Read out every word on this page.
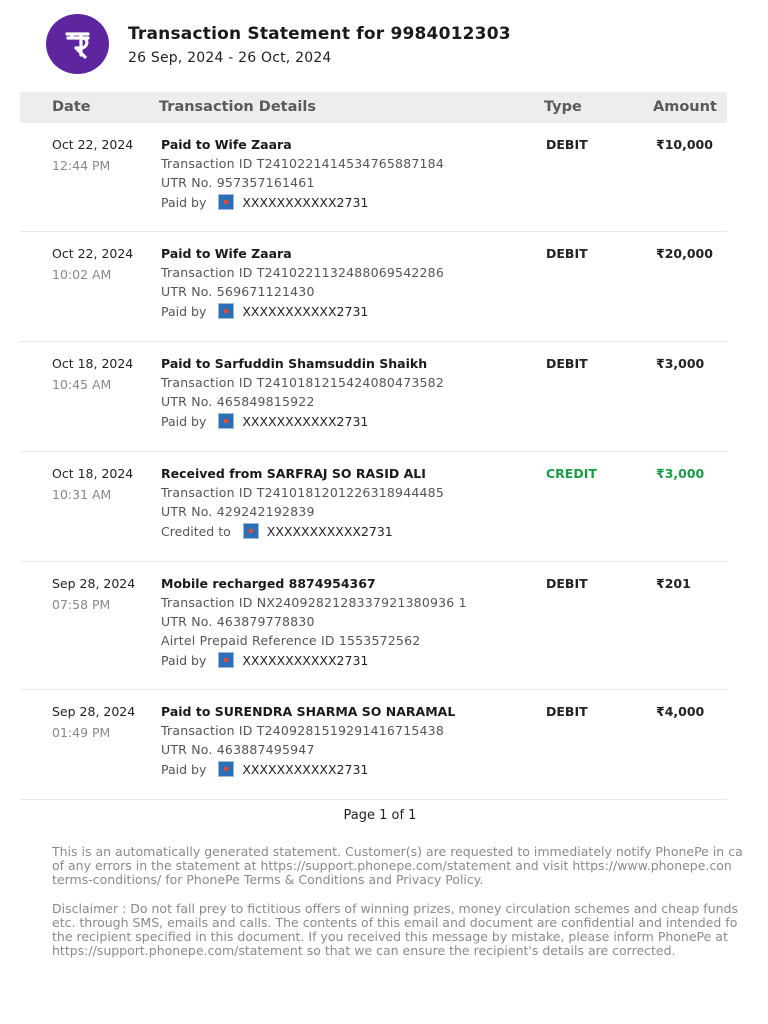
Transaction Statement for 9984012303
26 Sep, 2024 - 26 Oct, 2024
Date	Transaction Details	Type	Amount
Oct 22, 2024
12:44 PM
Paid to Wife Zaara
Transaction ID T2410221414534765887184
UTR No. 957357161461
Paid by	XXXXXXXXXXX2731
DEBIT	₹10,000
Oct 22, 2024
10:02 AM
Paid to Wife Zaara
Transaction ID T2410221132488069542286
UTR No. 569671121430
Paid by	XXXXXXXXXXX2731
DEBIT	₹20,000
Oct 18, 2024
10:45 AM
Paid to Sarfuddin Shamsuddin Shaikh
Transaction ID T2410181215424080473582
UTR No. 465849815922
Paid by	XXXXXXXXXXX2731
DEBIT	₹3,000
Oct 18, 2024
10:31 AM
Received from SARFRAJ SO RASID ALI
Transaction ID T2410181201226318944485
UTR No. 429242192839
Credited to	XXXXXXXXXXX2731
CREDIT	₹3,000
Sep 28, 2024
07:58 PM
Mobile recharged 8874954367
Transaction ID NX2409282128337921380936 1
UTR No. 463879778830
Airtel Prepaid Reference ID 1553572562
Paid by	XXXXXXXXXXX2731
DEBIT	₹201
Sep 28, 2024
01:49 PM
Paid to SURENDRA SHARMA SO NARAMAL
Transaction ID T2409281519291416715438
UTR No. 463887495947
Paid by	XXXXXXXXXXX2731
DEBIT	₹4,000
Page 1 of 1
This is an automatically generated statement. Customer(s) are requested to immediately notify PhonePe in ca
of any errors in the statement at https://support.phonepe.com/statement and visit https://www.phonepe.con
terms-conditions/ for PhonePe Terms & Conditions and Privacy Policy.
Disclaimer : Do not fall prey to fictitious offers of winning prizes, money circulation schemes and cheap funds
etc. through SMS, emails and calls. The contents of this email and document are confidential and intended fo
the recipient specified in this document. If you received this message by mistake, please inform PhonePe at
https://support.phonepe.com/statement so that we can ensure the recipient's details are corrected.
